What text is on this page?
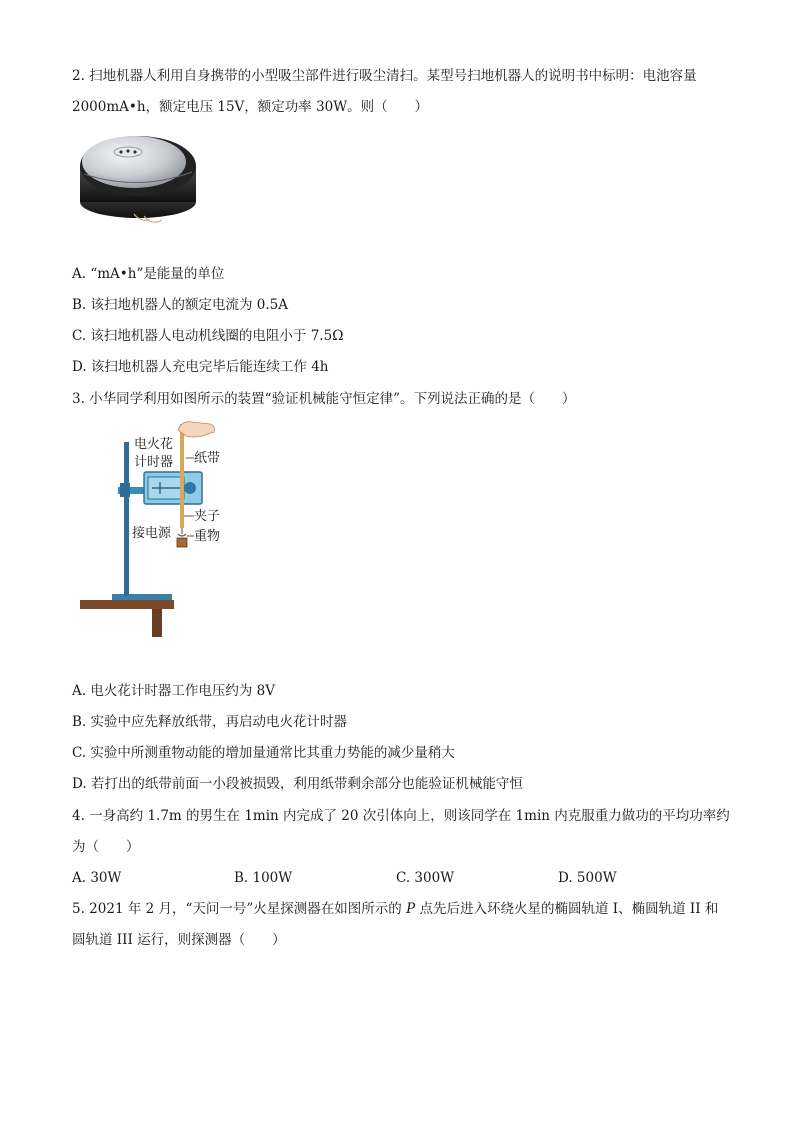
2. 扫地机器人利用自身携带的小型吸尘部件进行吸尘清扫。某型号扫地机器人的说明书中标明：电池容量
2000mA•h，额定电压 15V，额定功率 30W。则（　　）
A. “mA•h”是能量的单位
B. 该扫地机器人的额定电流为 0.5A
C. 该扫地机器人电动机线圈的电阻小于 7.5Ω
D. 该扫地机器人充电完毕后能连续工作 4h
3. 小华同学利用如图所示的装置“验证机械能守恒定律”。下列说法正确的是（　　）
电火花
计时器 纸带
夹子
接电源 重物
A. 电火花计时器工作电压约为 8V
B. 实验中应先释放纸带，再启动电火花计时器
C. 实验中所测重物动能的增加量通常比其重力势能的减少量稍大
D. 若打出的纸带前面一小段被损毁，利用纸带剩余部分也能验证机械能守恒
4. 一身高约 1.7m 的男生在 1min 内完成了 20 次引体向上，则该同学在 1min 内克服重力做功的平均功率约
为（　　）
A. 30W	B. 100W	C. 300W	D. 500W
5. 2021 年 2 月，“天问一号”火星探测器在如图所示的 P 点先后进入环绕火星的椭圆轨道 I、椭圆轨道 II 和
圆轨道 III 运行，则探测器（　　）
